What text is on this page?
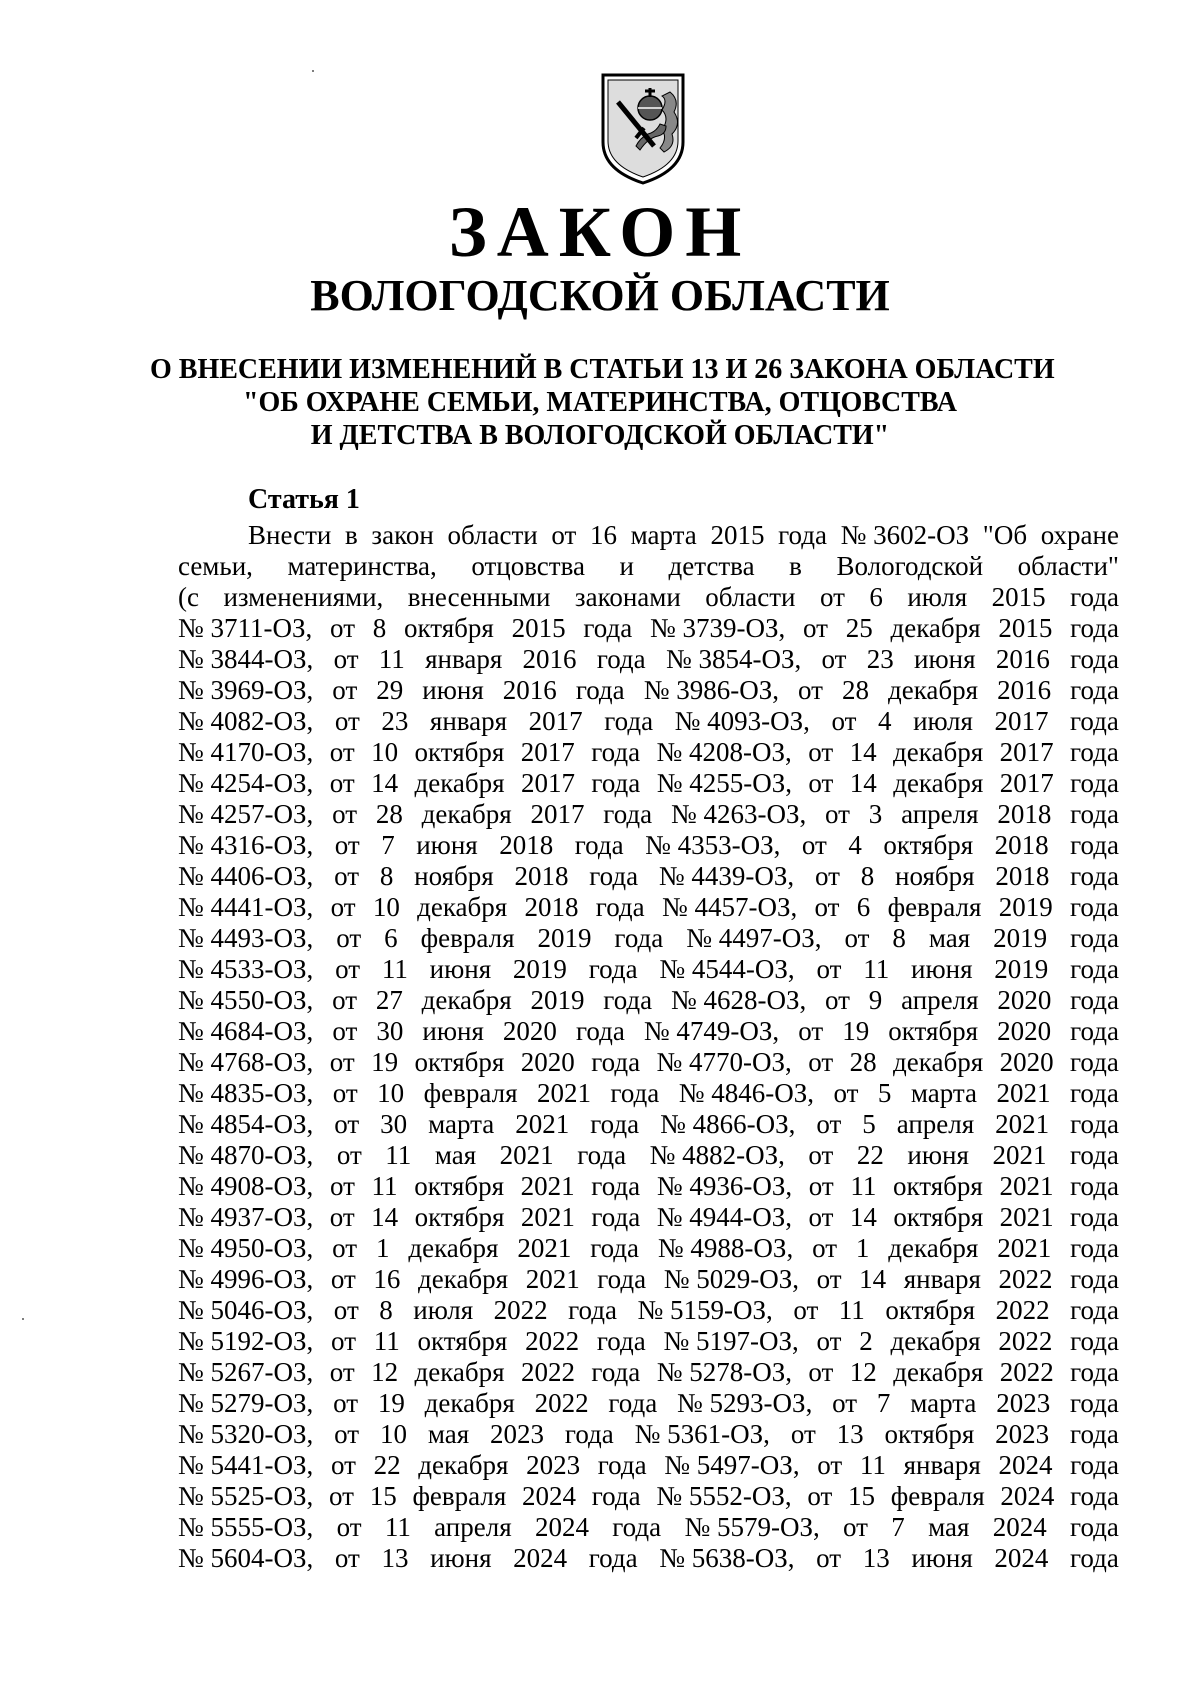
ЗАКОН
ВОЛОГОДСКОЙ ОБЛАСТИ
О ВНЕСЕНИИ ИЗМЕНЕНИЙ В СТАТЬИ 13 И 26 ЗАКОНА ОБЛАСТИ
"ОБ ОХРАНЕ СЕМЬИ, МАТЕРИНСТВА, ОТЦОВСТВА
И ДЕТСТВА В ВОЛОГОДСКОЙ ОБЛАСТИ"
Статья 1
Внести в закон области от 16 марта 2015 года № 3602-ОЗ "Об охране
семьи, материнства, отцовства и детства в Вологодской области"
(с изменениями, внесенными законами области от 6 июля 2015 года
№ 3711-ОЗ, от 8 октября 2015 года № 3739-ОЗ, от 25 декабря 2015 года
№ 3844-ОЗ, от 11 января 2016 года № 3854-ОЗ, от 23 июня 2016 года
№ 3969-ОЗ, от 29 июня 2016 года № 3986-ОЗ, от 28 декабря 2016 года
№ 4082-ОЗ, от 23 января 2017 года № 4093-ОЗ, от 4 июля 2017 года
№ 4170-ОЗ, от 10 октября 2017 года № 4208-ОЗ, от 14 декабря 2017 года
№ 4254-ОЗ, от 14 декабря 2017 года № 4255-ОЗ, от 14 декабря 2017 года
№ 4257-ОЗ, от 28 декабря 2017 года № 4263-ОЗ, от 3 апреля 2018 года
№ 4316-ОЗ, от 7 июня 2018 года № 4353-ОЗ, от 4 октября 2018 года
№ 4406-ОЗ, от 8 ноября 2018 года № 4439-ОЗ, от 8 ноября 2018 года
№ 4441-ОЗ, от 10 декабря 2018 года № 4457-ОЗ, от 6 февраля 2019 года
№ 4493-ОЗ, от 6 февраля 2019 года № 4497-ОЗ, от 8 мая 2019 года
№ 4533-ОЗ, от 11 июня 2019 года № 4544-ОЗ, от 11 июня 2019 года
№ 4550-ОЗ, от 27 декабря 2019 года № 4628-ОЗ, от 9 апреля 2020 года
№ 4684-ОЗ, от 30 июня 2020 года № 4749-ОЗ, от 19 октября 2020 года
№ 4768-ОЗ, от 19 октября 2020 года № 4770-ОЗ, от 28 декабря 2020 года
№ 4835-ОЗ, от 10 февраля 2021 года № 4846-ОЗ, от 5 марта 2021 года
№ 4854-ОЗ, от 30 марта 2021 года № 4866-ОЗ, от 5 апреля 2021 года
№ 4870-ОЗ, от 11 мая 2021 года № 4882-ОЗ, от 22 июня 2021 года
№ 4908-ОЗ, от 11 октября 2021 года № 4936-ОЗ, от 11 октября 2021 года
№ 4937-ОЗ, от 14 октября 2021 года № 4944-ОЗ, от 14 октября 2021 года
№ 4950-ОЗ, от 1 декабря 2021 года № 4988-ОЗ, от 1 декабря 2021 года
№ 4996-ОЗ, от 16 декабря 2021 года № 5029-ОЗ, от 14 января 2022 года
№ 5046-ОЗ, от 8 июля 2022 года № 5159-ОЗ, от 11 октября 2022 года
№ 5192-ОЗ, от 11 октября 2022 года № 5197-ОЗ, от 2 декабря 2022 года
№ 5267-ОЗ, от 12 декабря 2022 года № 5278-ОЗ, от 12 декабря 2022 года
№ 5279-ОЗ, от 19 декабря 2022 года № 5293-ОЗ, от 7 марта 2023 года
№ 5320-ОЗ, от 10 мая 2023 года № 5361-ОЗ, от 13 октября 2023 года
№ 5441-ОЗ, от 22 декабря 2023 года № 5497-ОЗ, от 11 января 2024 года
№ 5525-ОЗ, от 15 февраля 2024 года № 5552-ОЗ, от 15 февраля 2024 года
№ 5555-ОЗ, от 11 апреля 2024 года № 5579-ОЗ, от 7 мая 2024 года
№ 5604-ОЗ, от 13 июня 2024 года № 5638-ОЗ, от 13 июня 2024 года
